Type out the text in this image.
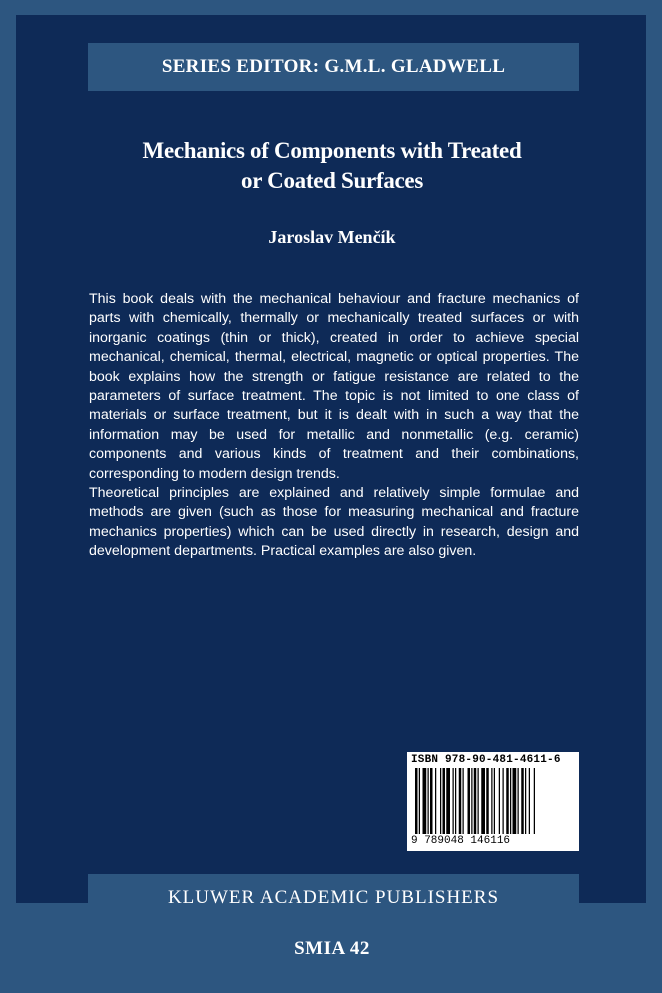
SERIES EDITOR: G.M.L. GLADWELL
Mechanics of Components with Treated
or Coated Surfaces
Jaroslav Menčík

This book deals with the mechanical behaviour and fracture mechanics of parts with chemically, thermally or mechanically treated surfaces or with inorganic coatings (thin or thick), created in order to achieve special mechanical, chemical, thermal, electrical, magnetic or optical properties. The book explains how the strength or fatigue resistance are related to the parameters of surface treatment. The topic is not limited to one class of materials or surface treatment, but it is dealt with in such a way that the information may be used for metallic and nonmetallic (e.g. ceramic) components and various kinds of treatment and their combinations, corresponding to modern design trends.

Theoretical principles are explained and relatively simple formulae and methods are given (such as those for measuring mechanical and fracture mechanics properties) which can be used directly in research, design and development departments. Practical examples are also given.

ISBN 978-90-481-4611-6
9 789048 146116
KLUWER ACADEMIC PUBLISHERS
SMIA 42
